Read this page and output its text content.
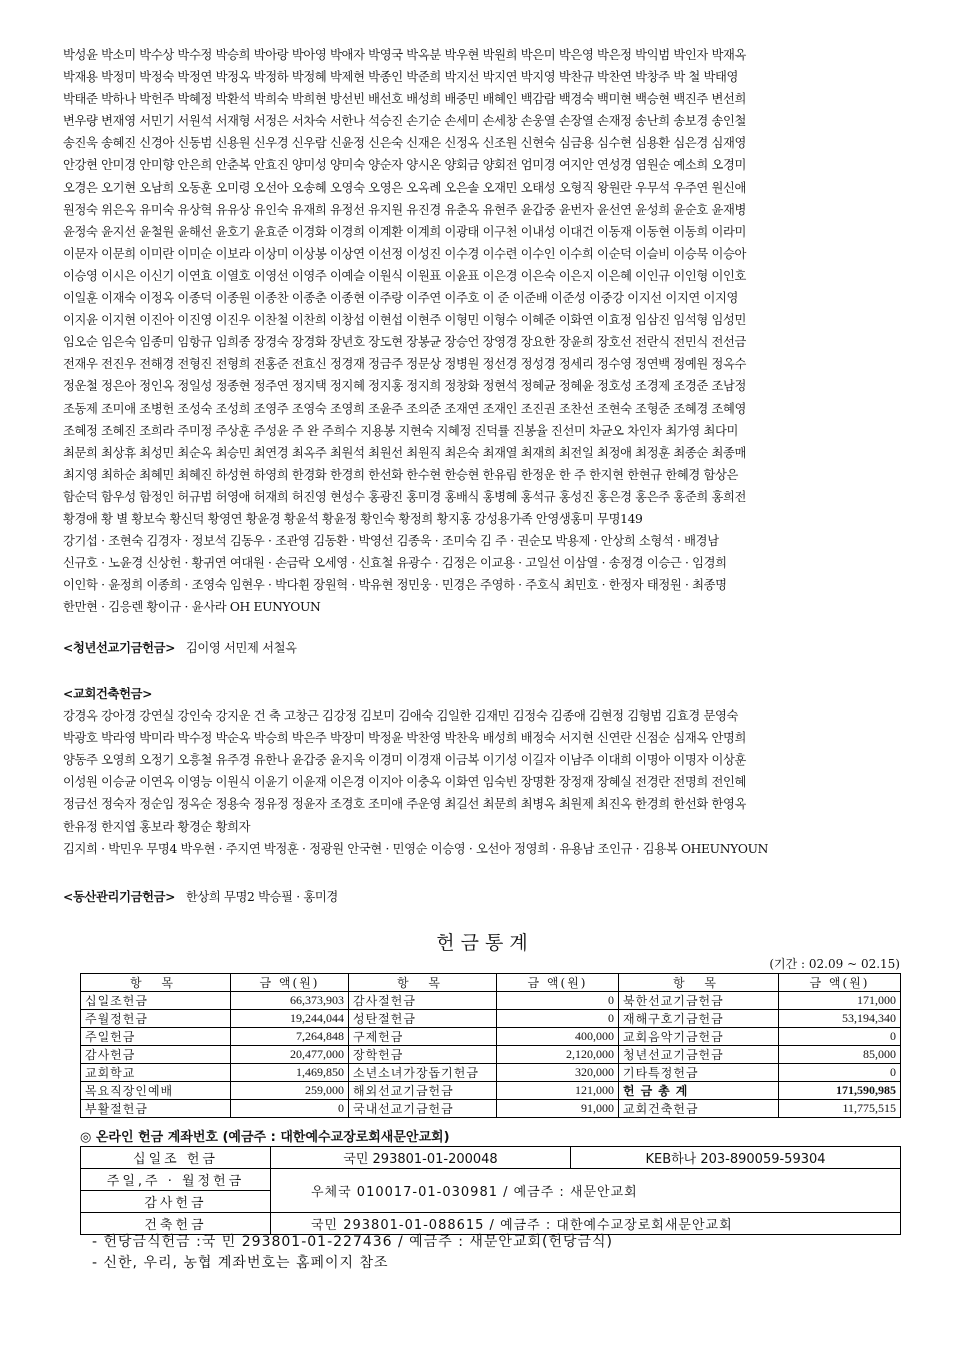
박성윤 박소미 박수상 박수정 박승희 박아랑 박아영 박애자 박영국 박옥분 박우현 박원희 박은미 박은영 박은정 박익범 박인자 박재옥
박재용 박정미 박정숙 박정연 박정옥 박정하 박정혜 박제현 박종인 박준희 박지선 박지연 박지영 박찬규 박찬연 박창주 박 철 박태영
박태준 박하나 박헌주 박혜정 박환석 박희숙 박희현 방선빈 배선호 배성희 배중민 배혜인 백감람 백경숙 백미현 백승현 백진주 변선희
변우량 변재영 서민기 서원석 서재형 서정은 서차숙 서한나 석승진 손기순 손세미 손세창 손웅열 손장열 손재정 송난희 송보경 송인철
송진욱 송혜진 신경아 신동범 신용원 신우경 신우람 신윤정 신은숙 신재은 신정옥 신조원 신현숙 심금용 심수현 심용환 심은경 심재영
안강현 안미경 안미향 안은희 안춘복 안효진 양미성 양미숙 양순자 양시온 양회금 양회전 엄미경 여지안 연성경 염원순 예소희 오경미
오경은 오기현 오남희 오동훈 오미령 오선아 오송혜 오영숙 오영은 오옥례 오은솔 오재민 오태성 오형직 왕원란 우무석 우주연 원신애
원정숙 위은옥 유미숙 유상혁 유유상 유인숙 유재희 유정선 유지원 유진경 유춘옥 유현주 윤갑중 윤번자 윤선연 윤성희 윤순호 윤재병
윤정숙 윤지선 윤철원 윤해선 윤호기 윤효준 이경화 이경희 이계환 이계희 이광태 이구천 이내성 이대건 이동재 이동현 이동희 이라미
이문자 이문희 이미란 이미순 이보라 이상미 이상봉 이상연 이선정 이성진 이수경 이수련 이수인 이수희 이순덕 이슬비 이승묵 이승아
이승영 이시은 이신기 이연효 이열호 이영선 이영주 이예슬 이원식 이원표 이윤표 이은경 이은숙 이은지 이은혜 이인규 이인형 이인호
이일훈 이재숙 이정옥 이종덕 이종원 이종찬 이종춘 이종현 이주랑 이주연 이주호 이 준 이준배 이준성 이중강 이지선 이지연 이지영
이지윤 이지현 이진아 이진영 이진우 이찬철 이찬희 이창섭 이현섭 이현주 이형민 이형수 이혜준 이화연 이효정 임삼진 임석형 임성민
임오순 임은숙 임종미 임항규 임희종 장경숙 장경화 장년호 장도현 장봉균 장승언 장영경 장요한 장윤희 장호선 전란식 전민식 전선금
전재우 전진우 전해경 전형진 전형희 전홍준 전효신 정경재 정금주 정문상 정병원 정선경 정성경 정세리 정수영 정연백 정예원 정옥수
정운철 정은아 정인옥 정일성 정종현 정주연 정지택 정지혜 정지홍 정지희 정창화 정현석 정혜균 정혜윤 정호성 조경제 조경준 조남정
조동제 조미애 조병헌 조성숙 조성희 조영주 조영숙 조영희 조윤주 조의준 조재연 조재인 조진권 조찬선 조현숙 조형준 조혜경 조혜영
조혜정 조혜진 조희라 주미정 주상훈 주성윤 주 완 주희수 지용봉 지현숙 지혜정 진덕률 진봉율 진선미 차균오 차인자 최가영 최다미
최문희 최상휴 최성민 최순옥 최승민 최연경 최옥주 최원석 최원선 최원직 최은숙 최재열 최재희 최전일 최정애 최정훈 최종순 최종매
최지영 최하순 최혜민 최혜진 하성현 하영희 한경화 한경희 한선화 한수현 한승현 한유림 한정운 한 주 한지현 한현규 한혜경 함상은
함순덕 함우성 함정인 허규범 허영애 허재희 허진영 현성수 홍광진 홍미경 홍배식 홍병혜 홍석규 홍성진 홍은경 홍은주 홍준희 홍희전
황경애 황 별 황보숙 황신덕 황영연 황윤경 황윤석 황윤정 황인숙 황정희 황지홍 강성용가족 안영생홍미 무명149
강기섭 · 조현숙 김경자 · 정보석 김동우 · 조관영 김동환 · 박영선 김종욱 · 조미숙 김 주 · 권순모 박용제 · 안상희 소형석 · 배경남
신규호 · 노윤경 신상헌 · 황귀연 여대원 · 손금락 오세영 · 신효철 유광수 · 김정은 이교용 · 고일선 이삼열 · 송정경 이승근 · 임경희
이인학 · 윤정희 이종희 · 조영숙 임현우 · 박다휜 장원혁 · 박유현 정민웅 · 민경은 주영하 · 주호식 최민호 · 한정자 태정원 · 최종명
한만현 · 김응렌 황이규 · 윤사라 OH EUNYOUN
<청년선교기금헌금> 김이영 서민제 서철옥
<교회건축헌금>
강경옥 강아경 강연실 강인숙 강지운 건 축 고창근 김강정 김보미 김애숙 김일한 김재민 김정숙 김종애 김현정 김형범 김효경 문영숙
박광호 박라영 박미라 박수정 박순옥 박승희 박은주 박장미 박정윤 박찬영 박찬욱 배성희 배정숙 서지현 신연란 신점순 심재옥 안명희
양동주 오영희 오정기 오흥철 유주경 유한나 윤갑중 윤지욱 이경미 이경재 이금복 이기성 이길자 이남주 이대희 이명아 이명자 이상훈
이성원 이승균 이연옥 이영능 이원식 이윤기 이윤재 이은경 이지아 이충옥 이화연 임숙빈 장명환 장정재 장혜실 전경란 전명희 전인혜
정금선 정숙자 정순임 정옥순 정용숙 정유정 정윤자 조경호 조미애 주운영 최길선 최문희 최병옥 최원제 최진옥 한경희 한선화 한영옥
한유정 한지엽 홍보라 황경순 황희자
김지희 · 박민우 무명4 박우현 · 주지연 박정훈 · 정광원 안국현 · 민영순 이승영 · 오선아 정영희 · 유용남 조인규 · 김용복 OHEUNYOUN
<동산관리기금헌금> 한상희 무명2 박승필 · 홍미경
헌금통계
(기간 : 02.09 ~ 02.15)
항 목	금 액(원)	항 목	금 액(원)	항 목	금 액(원)
십일조헌금	66,373,903	감사절헌금	0	북한선교기금헌금	171,000
주월정헌금	19,244,044	성탄절헌금	0	재해구호기금헌금	53,194,340
주일헌금	7,264,848	구제헌금	400,000	교회음악기금헌금	0
감사헌금	20,477,000	장학헌금	2,120,000	청년선교기금헌금	85,000
교회학교	1,469,850	소년소녀가장돕기헌금	320,000	기타특정헌금	0
목요직장인예배	259,000	해외선교기금헌금	121,000	헌금총계	171,590,985
부활절헌금	0	국내선교기금헌금	91,000	교회건축헌금	11,775,515
◎ 온라인 헌금 계좌번호 (예금주 : 대한예수교장로회새문안교회)
십일조 헌금	국민 293801-01-200048	KEB하나 203-890059-59304
주일,주 · 월정헌금	우체국 010017-01-030981 / 예금주 : 새문안교회	
감사헌금		
건축헌금	국민 293801-01-088615 / 예금주 : 대한예수교장로회새문안교회	
- 헌당금식헌금 :국 민 293801-01-227436 / 예금주 : 새문안교회(헌당금식)
- 신한, 우리, 농협 계좌번호는 홈페이지 참조
